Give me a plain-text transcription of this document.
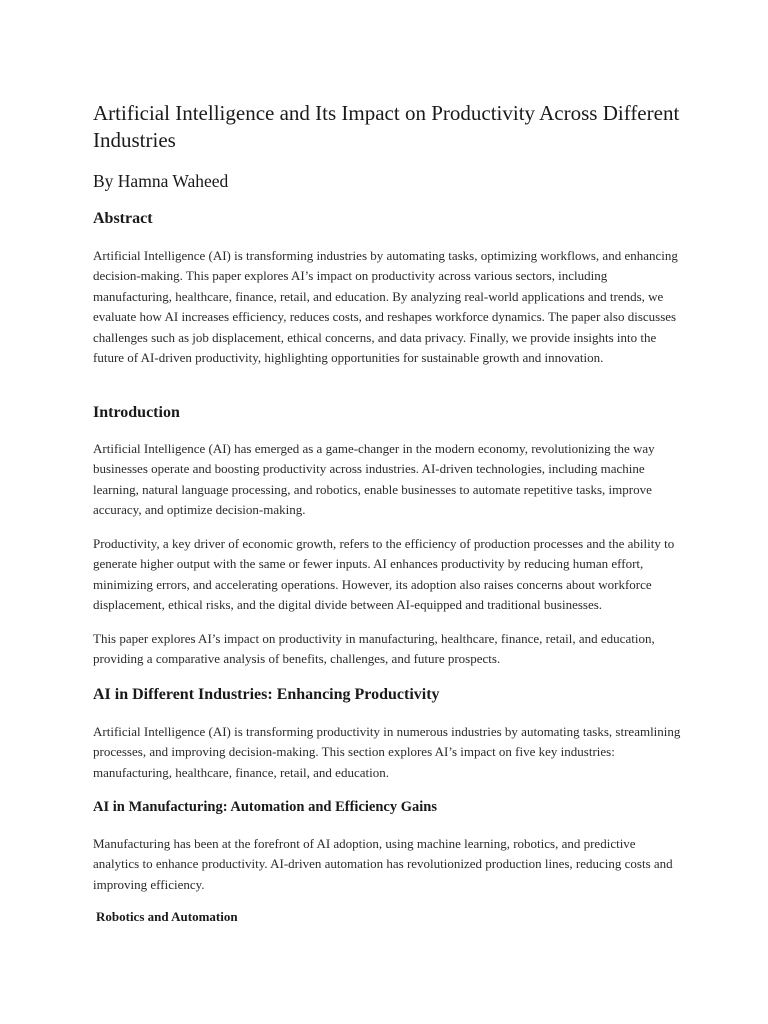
Artificial Intelligence and Its Impact on Productivity Across Different Industries
By Hamna Waheed
Abstract

Artificial Intelligence (AI) is transforming industries by automating tasks, optimizing workflows, and enhancing decision-making. This paper explores AI’s impact on productivity across various sectors, including manufacturing, healthcare, finance, retail, and education. By analyzing real-world applications and trends, we evaluate how AI increases efficiency, reduces costs, and reshapes workforce dynamics. The paper also discusses challenges such as job displacement, ethical concerns, and data privacy. Finally, we provide insights into the future of AI-driven productivity, highlighting opportunities for sustainable growth and innovation.

Introduction

Artificial Intelligence (AI) has emerged as a game-changer in the modern economy, revolutionizing the way businesses operate and boosting productivity across industries. AI-driven technologies, including machine learning, natural language processing, and robotics, enable businesses to automate repetitive tasks, improve accuracy, and optimize decision-making.

Productivity, a key driver of economic growth, refers to the efficiency of production processes and the ability to generate higher output with the same or fewer inputs. AI enhances productivity by reducing human effort, minimizing errors, and accelerating operations. However, its adoption also raises concerns about workforce displacement, ethical risks, and the digital divide between AI-equipped and traditional businesses.

This paper explores AI’s impact on productivity in manufacturing, healthcare, finance, retail, and education, providing a comparative analysis of benefits, challenges, and future prospects.

AI in Different Industries: Enhancing Productivity

Artificial Intelligence (AI) is transforming productivity in numerous industries by automating tasks, streamlining processes, and improving decision-making. This section explores AI’s impact on five key industries: manufacturing, healthcare, finance, retail, and education.

AI in Manufacturing: Automation and Efficiency Gains

Manufacturing has been at the forefront of AI adoption, using machine learning, robotics, and predictive analytics to enhance productivity. AI-driven automation has revolutionized production lines, reducing costs and improving efficiency.

Robotics and Automation
